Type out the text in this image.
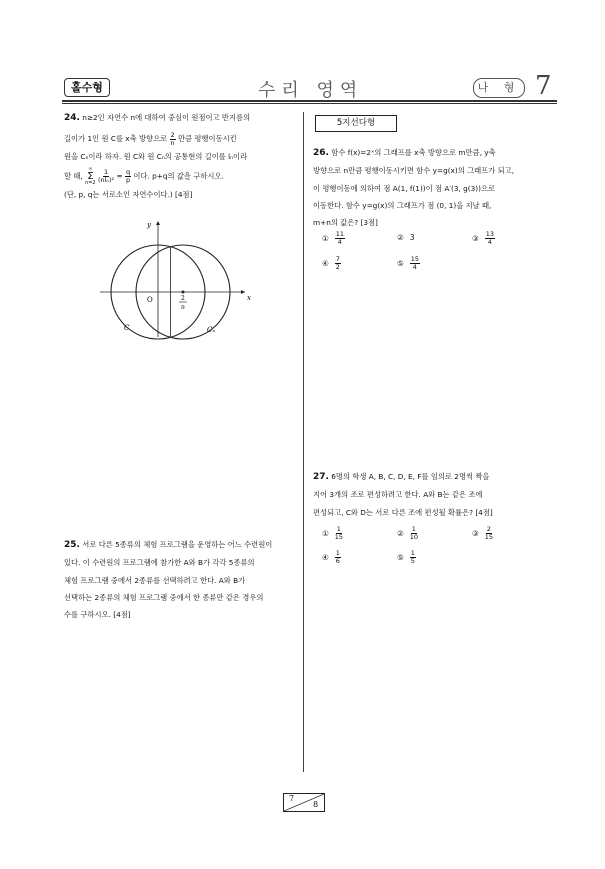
홀수형	수리 영역	나 형 7
24. n≥2인 자연수 n에 대하여 중심이 원점이고 반지름의
길이가 1인 원 C를 x축 방향으로 $\frac{2}{n}$ 만큼 평행이동시킨
원을 Cₙ이라 하자. 원 C와 원 Cₙ의 공통현의 길이를 lₙ이라
할 때,
∞
Σ
n=2
$\frac{1}{\text{(nlₙ)²}} = \frac{q}{p}$ 이다. p+q의 값을 구하시오.
(단, p, q는 서로소인 자연수이다.) [4점]
y
x
O	2
n
C	Cₙ
25. 서로 다른 5종류의 체험 프로그램을 운영하는 어느 수련원이
있다. 이 수련원의 프로그램에 참가한 A와 B가 각각 5종류의
체험 프로그램 중에서 2종류를 선택하려고 한다. A와 B가
선택하는 2종류의 체험 프로그램 중에서 한 종류만 같은 경우의
수를 구하시오. [4점]
5지선다형
26. 함수 f(x)=2ˣ의 그래프를 x축 방향으로 m만큼, y축
방향으로 n만큼 평행이동시키면 함수 y=g(x)의 그래프가 되고,
이 평행이동에 의하여 점 A(1, f(1))이 점 A′(3, g(3))으로
이동한다. 함수 y=g(x)의 그래프가 점 (0, 1)을 지날 때,
m+n의 값은? [3점]
① $\frac{11}{4}$	② 3	③ $\frac{13}{4}$
④ $\frac{7}{2}$	⑤ $\frac{15}{4}$
27. 6명의 학생 A, B, C, D, E, F를 임의로 2명씩 짝을
지어 3개의 조로 편성하려고 한다. A와 B는 같은 조에
편성되고, C와 D는 서로 다른 조에 편성될 확률은? [4점]
① $\frac{1}{15}$	② $\frac{1}{10}$	③ $\frac{2}{15}$
④ $\frac{1}{6}$	⑤ $\frac{1}{5}$
7
8
